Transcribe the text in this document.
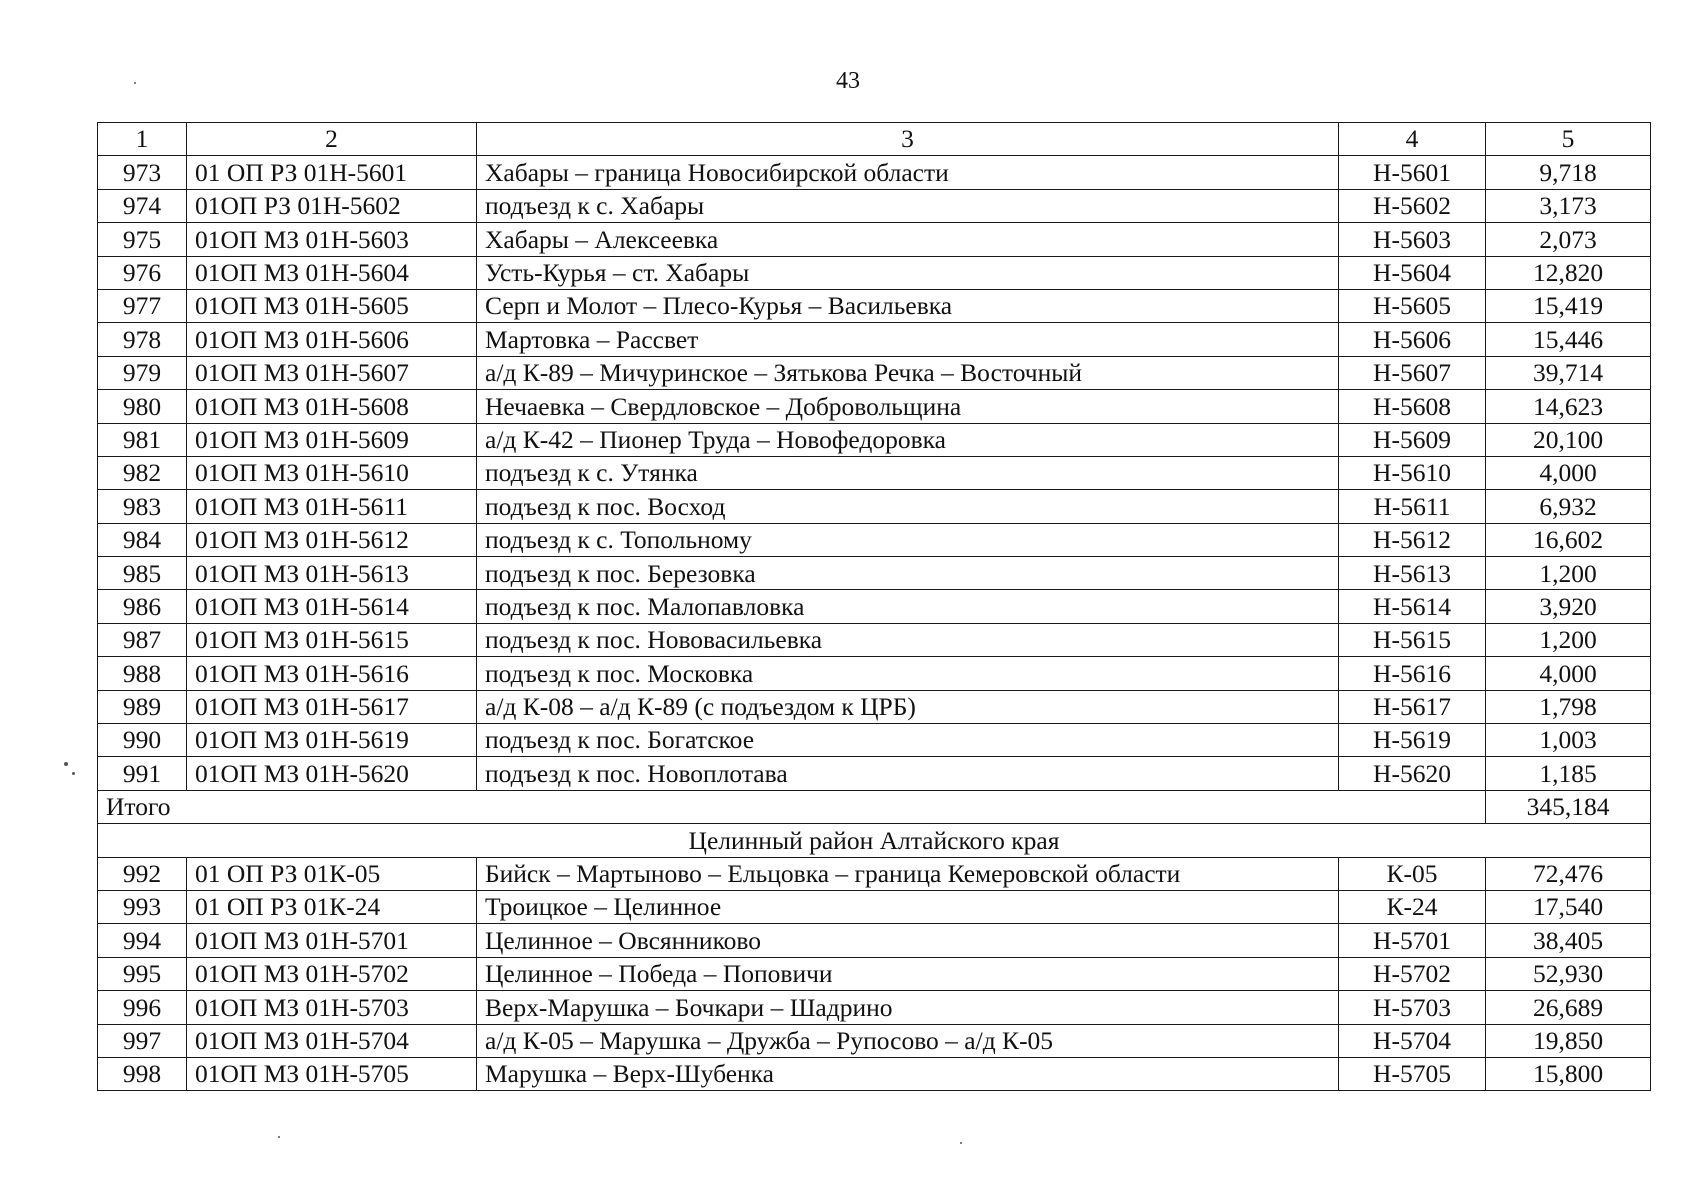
43
1	2	3	4	5
973	01 ОП РЗ 01Н-5601	Хабары – граница Новосибирской области	Н-5601	9,718
974	01ОП РЗ 01Н-5602	подъезд к с. Хабары	Н-5602	3,173
975	01ОП МЗ 01Н-5603	Хабары – Алексеевка	Н-5603	2,073
976	01ОП МЗ 01Н-5604	Усть-Курья – ст. Хабары	Н-5604	12,820
977	01ОП МЗ 01Н-5605	Серп и Молот – Плесо-Курья – Васильевка	Н-5605	15,419
978	01ОП МЗ 01Н-5606	Мартовка – Рассвет	Н-5606	15,446
979	01ОП МЗ 01Н-5607	а/д К-89 – Мичуринское – Зятькова Речка – Восточный	Н-5607	39,714
980	01ОП МЗ 01Н-5608	Нечаевка – Свердловское – Добровольщина	Н-5608	14,623
981	01ОП МЗ 01Н-5609	а/д К-42 – Пионер Труда – Новофедоровка	Н-5609	20,100
982	01ОП МЗ 01Н-5610	подъезд к с. Утянка	Н-5610	4,000
983	01ОП МЗ 01Н-5611	подъезд к пос. Восход	Н-5611	6,932
984	01ОП МЗ 01Н-5612	подъезд к с. Топольному	Н-5612	16,602
985	01ОП МЗ 01Н-5613	подъезд к пос. Березовка	Н-5613	1,200
986	01ОП МЗ 01Н-5614	подъезд к пос. Малопавловка	Н-5614	3,920
987	01ОП МЗ 01Н-5615	подъезд к пос. Нововасильевка	Н-5615	1,200
988	01ОП МЗ 01Н-5616	подъезд к пос. Московка	Н-5616	4,000
989	01ОП МЗ 01Н-5617	а/д К-08 – а/д К-89 (с подъездом к ЦРБ)	Н-5617	1,798
990	01ОП МЗ 01Н-5619	подъезд к пос. Богатское	Н-5619	1,003
991	01ОП МЗ 01Н-5620	подъезд к пос. Новоплотава	Н-5620	1,185
Итого				345,184
Целинный район Алтайского края				
992	01 ОП РЗ 01К-05	Бийск – Мартыново – Ельцовка – граница Кемеровской области	К-05	72,476
993	01 ОП РЗ 01К-24	Троицкое – Целинное	К-24	17,540
994	01ОП МЗ 01Н-5701	Целинное – Овсянниково	Н-5701	38,405
995	01ОП МЗ 01Н-5702	Целинное – Победа – Поповичи	Н-5702	52,930
996	01ОП МЗ 01Н-5703	Верх-Марушка – Бочкари – Шадрино	Н-5703	26,689
997	01ОП МЗ 01Н-5704	а/д К-05 – Марушка – Дружба – Рупосово – а/д К-05	Н-5704	19,850
998	01ОП МЗ 01Н-5705	Марушка – Верх-Шубенка	Н-5705	15,800
